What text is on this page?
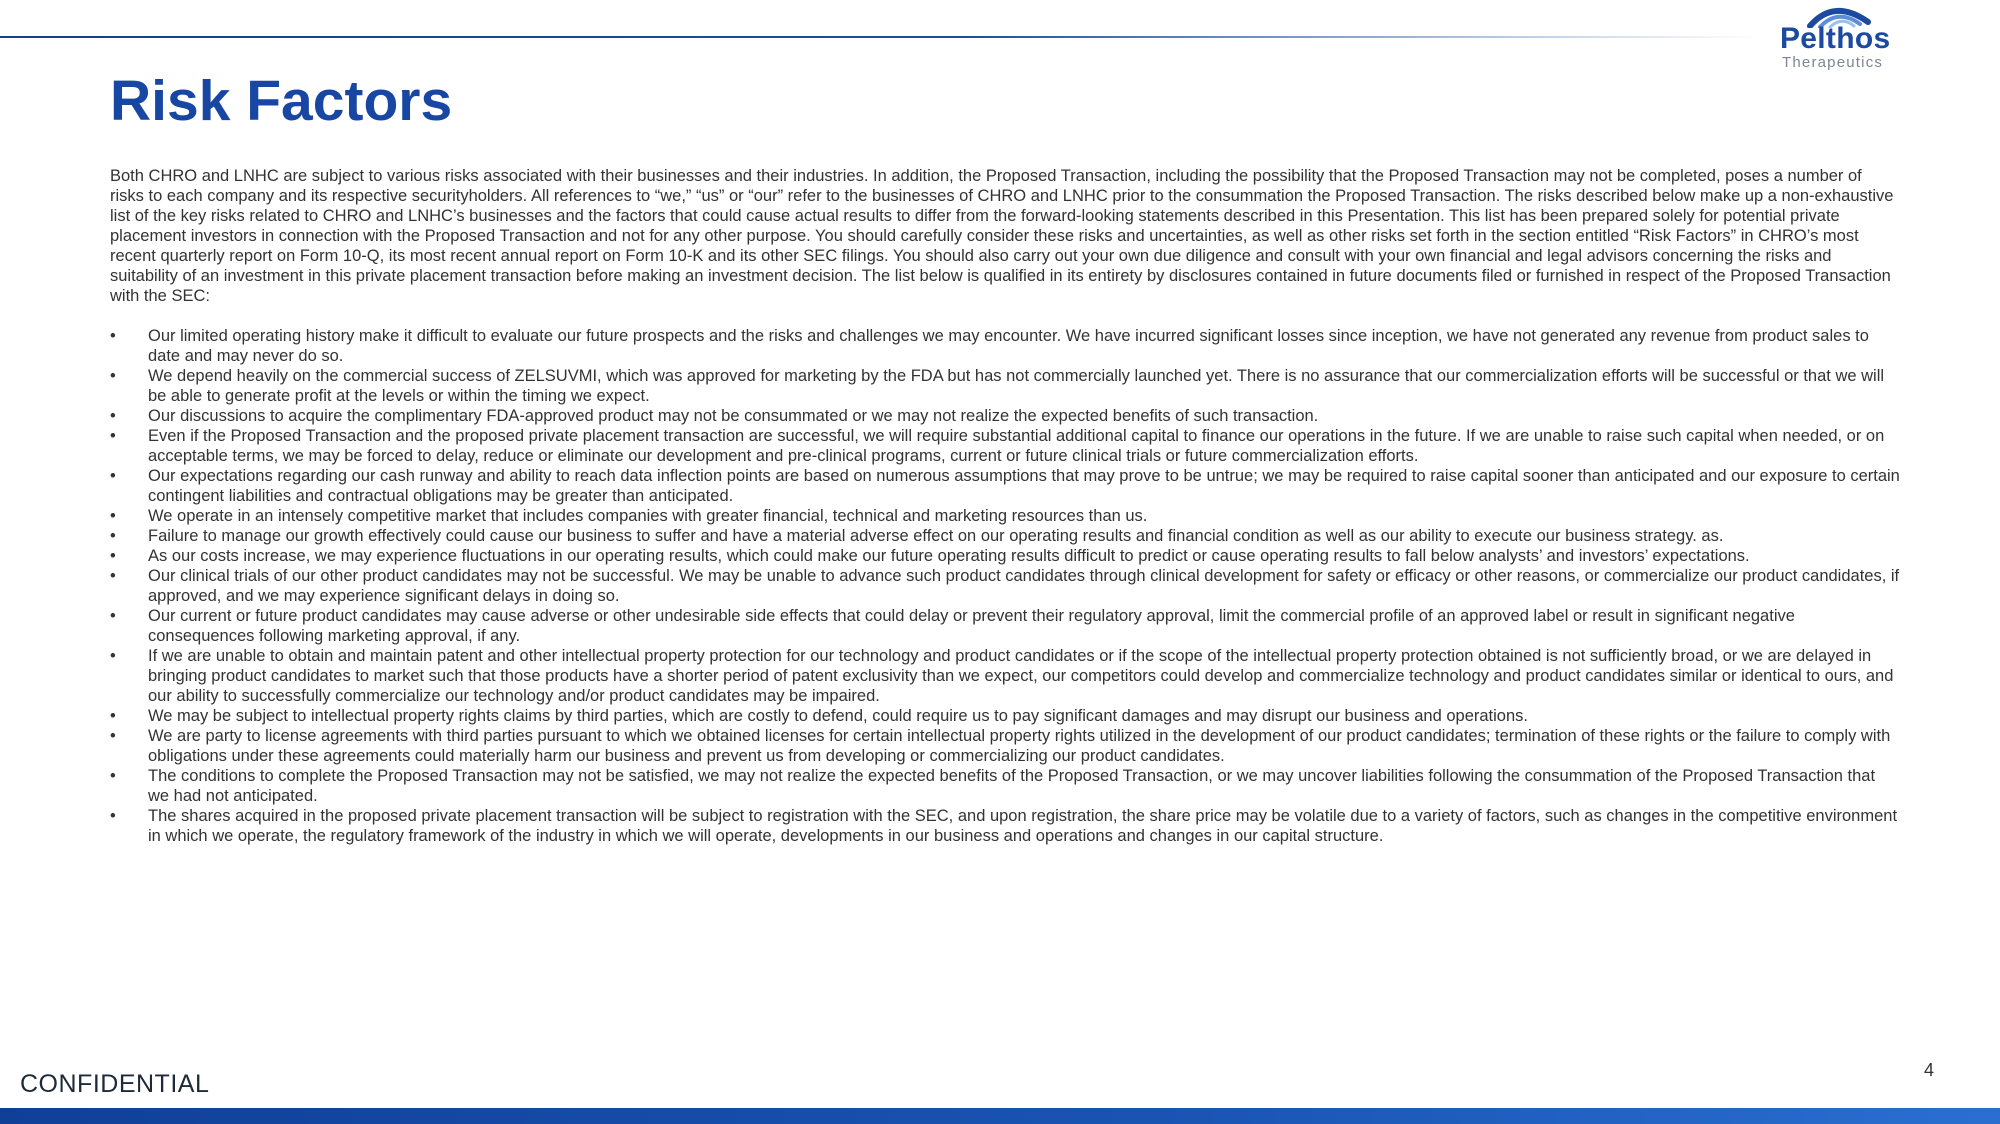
Pelthos
Therapeutics
Risk Factors

Both CHRO and LNHC are subject to various risks associated with their businesses and their industries. In addition, the Proposed Transaction, including the possibility that the Proposed Transaction may not be completed, poses a number of risks to each company and its respective securityholders. All references to “we,” “us” or “our” refer to the businesses of CHRO and LNHC prior to the consummation the Proposed Transaction. The risks described below make up a non-exhaustive list of the key risks related to CHRO and LNHC’s businesses and the factors that could cause actual results to differ from the forward-looking statements described in this Presentation. This list has been prepared solely for potential private placement investors in connection with the Proposed Transaction and not for any other purpose. You should carefully consider these risks and uncertainties, as well as other risks set forth in the section entitled “Risk Factors” in CHRO’s most recent quarterly report on Form 10-Q, its most recent annual report on Form 10-K and its other SEC filings. You should also carry out your own due diligence and consult with your own financial and legal advisors concerning the risks and suitability of an investment in this private placement transaction before making an investment decision. The list below is qualified in its entirety by disclosures contained in future documents filed or furnished in respect of the Proposed Transaction with the SEC:

• Our limited operating history make it difficult to evaluate our future prospects and the risks and challenges we may encounter. We have incurred significant losses since inception, we have not generated any revenue from product sales to date and may never do so.
• We depend heavily on the commercial success of ZELSUVMI, which was approved for marketing by the FDA but has not commercially launched yet. There is no assurance that our commercialization efforts will be successful or that we will be able to generate profit at the levels or within the timing we expect.
• Our discussions to acquire the complimentary FDA-approved product may not be consummated or we may not realize the expected benefits of such transaction.
• Even if the Proposed Transaction and the proposed private placement transaction are successful, we will require substantial additional capital to finance our operations in the future. If we are unable to raise such capital when needed, or on acceptable terms, we may be forced to delay, reduce or eliminate our development and pre-clinical programs, current or future clinical trials or future commercialization efforts.
• Our expectations regarding our cash runway and ability to reach data inflection points are based on numerous assumptions that may prove to be untrue; we may be required to raise capital sooner than anticipated and our exposure to certain contingent liabilities and contractual obligations may be greater than anticipated.
• We operate in an intensely competitive market that includes companies with greater financial, technical and marketing resources than us.
• Failure to manage our growth effectively could cause our business to suffer and have a material adverse effect on our operating results and financial condition as well as our ability to execute our business strategy. as.
• As our costs increase, we may experience fluctuations in our operating results, which could make our future operating results difficult to predict or cause operating results to fall below analysts’ and investors’ expectations.
• Our clinical trials of our other product candidates may not be successful. We may be unable to advance such product candidates through clinical development for safety or efficacy or other reasons, or commercialize our product candidates, if approved, and we may experience significant delays in doing so.
• Our current or future product candidates may cause adverse or other undesirable side effects that could delay or prevent their regulatory approval, limit the commercial profile of an approved label or result in significant negative consequences following marketing approval, if any.
• If we are unable to obtain and maintain patent and other intellectual property protection for our technology and product candidates or if the scope of the intellectual property protection obtained is not sufficiently broad, or we are delayed in bringing product candidates to market such that those products have a shorter period of patent exclusivity than we expect, our competitors could develop and commercialize technology and product candidates similar or identical to ours, and our ability to successfully commercialize our technology and/or product candidates may be impaired.
• We may be subject to intellectual property rights claims by third parties, which are costly to defend, could require us to pay significant damages and may disrupt our business and operations.
• We are party to license agreements with third parties pursuant to which we obtained licenses for certain intellectual property rights utilized in the development of our product candidates; termination of these rights or the failure to comply with obligations under these agreements could materially harm our business and prevent us from developing or commercializing our product candidates.
• The conditions to complete the Proposed Transaction may not be satisfied, we may not realize the expected benefits of the Proposed Transaction, or we may uncover liabilities following the consummation of the Proposed Transaction that we had not anticipated.
• The shares acquired in the proposed private placement transaction will be subject to registration with the SEC, and upon registration, the share price may be volatile due to a variety of factors, such as changes in the competitive environment in which we operate, the regulatory framework of the industry in which we will operate, developments in our business and operations and changes in our capital structure.
CONFIDENTIAL	4
